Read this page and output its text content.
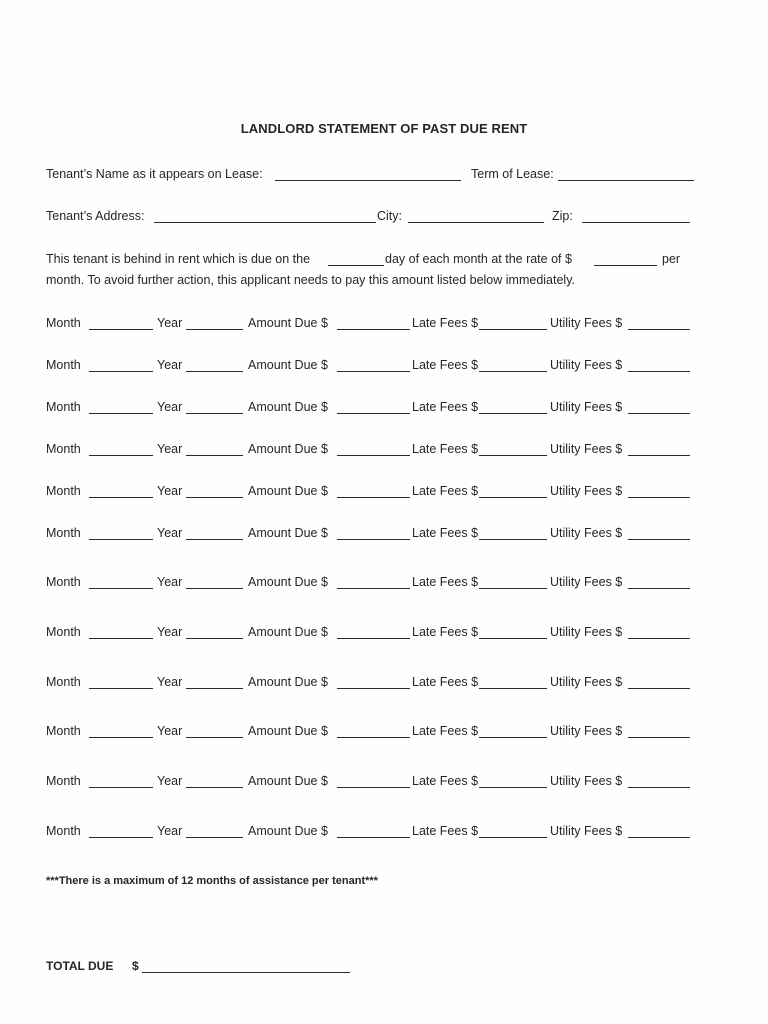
LANDLORD STATEMENT OF PAST DUE RENT
Tenant’s Name as it appears on Lease:	Term of Lease:
Tenant’s Address:	City:	Zip:
This tenant is behind in rent which is due on the	day of each month at the rate of $	per
month. To avoid further action, this applicant needs to pay this amount listed below immediately.
Month	Year	Amount Due $	Late Fees $	Utility Fees $
Month	Year	Amount Due $	Late Fees $	Utility Fees $
Month	Year	Amount Due $	Late Fees $	Utility Fees $
Month	Year	Amount Due $	Late Fees $	Utility Fees $
Month	Year	Amount Due $	Late Fees $	Utility Fees $
Month	Year	Amount Due $	Late Fees $	Utility Fees $
Month	Year	Amount Due $	Late Fees $	Utility Fees $
Month	Year	Amount Due $	Late Fees $	Utility Fees $
Month	Year	Amount Due $	Late Fees $	Utility Fees $
Month	Year	Amount Due $	Late Fees $	Utility Fees $
Month	Year	Amount Due $	Late Fees $	Utility Fees $
Month	Year	Amount Due $	Late Fees $	Utility Fees $
***There is a maximum of 12 months of assistance per tenant***
TOTAL DUE $
